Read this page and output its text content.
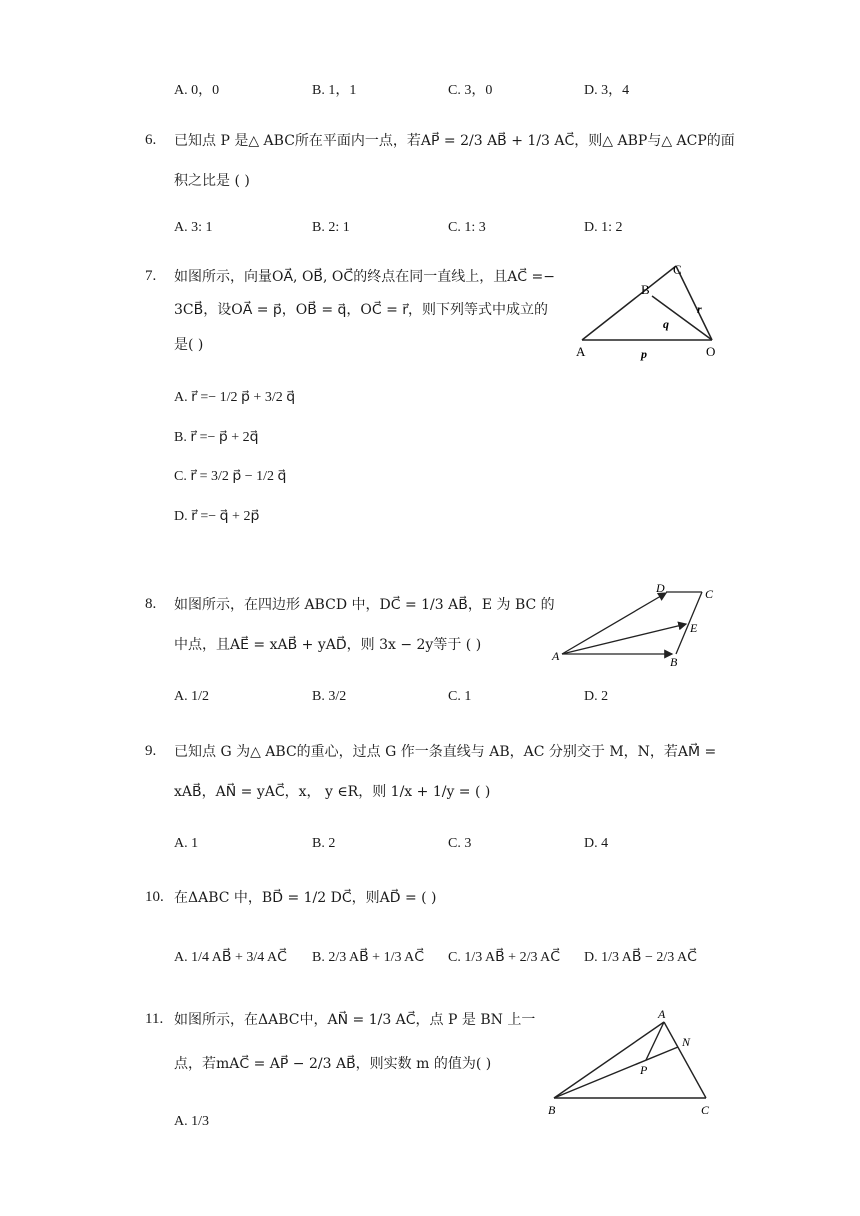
A. 0，0	B. 1，1	C. 3，0	D. 3，4
6. 已知点 P 是△ ABC所在平面内一点，若AP⃗ = 2/3 AB⃗ + 1/3 AC⃗，则△ ABP与△ ACP的面
积之比是 ( )
A. 3: 1	B. 2: 1	C. 1: 3	D. 1: 2
7. 如图所示，向量OA⃗, OB⃗, OC⃗的终点在同一直线上，且AC⃗ =−
3CB⃗，设OA⃗ = p⃗，OB⃗ = q⃗，OC⃗ = r⃗，则下列等式中成立的
是( )
A. r⃗ =− 1/2 p⃗ + 3/2 q⃗
B. r⃗ =− p⃗ + 2q⃗
C. r⃗ = 3/2 p⃗ − 1/2 q⃗
D. r⃗ =− q⃗ + 2p⃗
A
B
C
O
p
q
r
8. 如图所示，在四边形 ABCD 中，DC⃗ = 1/3 AB⃗，E 为 BC 的
中点，且AE⃗ = xAB⃗ + yAD⃗，则 3x − 2y等于 ( )
A. 1/2	B. 3/2	C. 1	D. 2
A	B
C
D
E
9. 已知点 G 为△ ABC的重心，过点 G 作一条直线与 AB，AC 分别交于 M，N，若AM⃗ =
xAB⃗，AN⃗ = yAC⃗，x， y ∈R，则 1/x + 1/y = ( )
A. 1	B. 2	C. 3	D. 4
10. 在ΔABC 中，BD⃗ = 1/2 DC⃗，则AD⃗ = ( )
A. 1/4 AB⃗ + 3/4 AC⃗ B. 2/3 AB⃗ + 1/3 AC⃗ C. 1/3 AB⃗ + 2/3 AC⃗ D. 1/3 AB⃗ − 2/3 AC⃗
11. 如图所示，在ΔABC中，AN⃗ = 1/3 AC⃗，点 P 是 BN 上一
点，若mAC⃗ = AP⃗ − 2/3 AB⃗，则实数 m 的值为( )
A. 1/3
A
B	C
N
P
